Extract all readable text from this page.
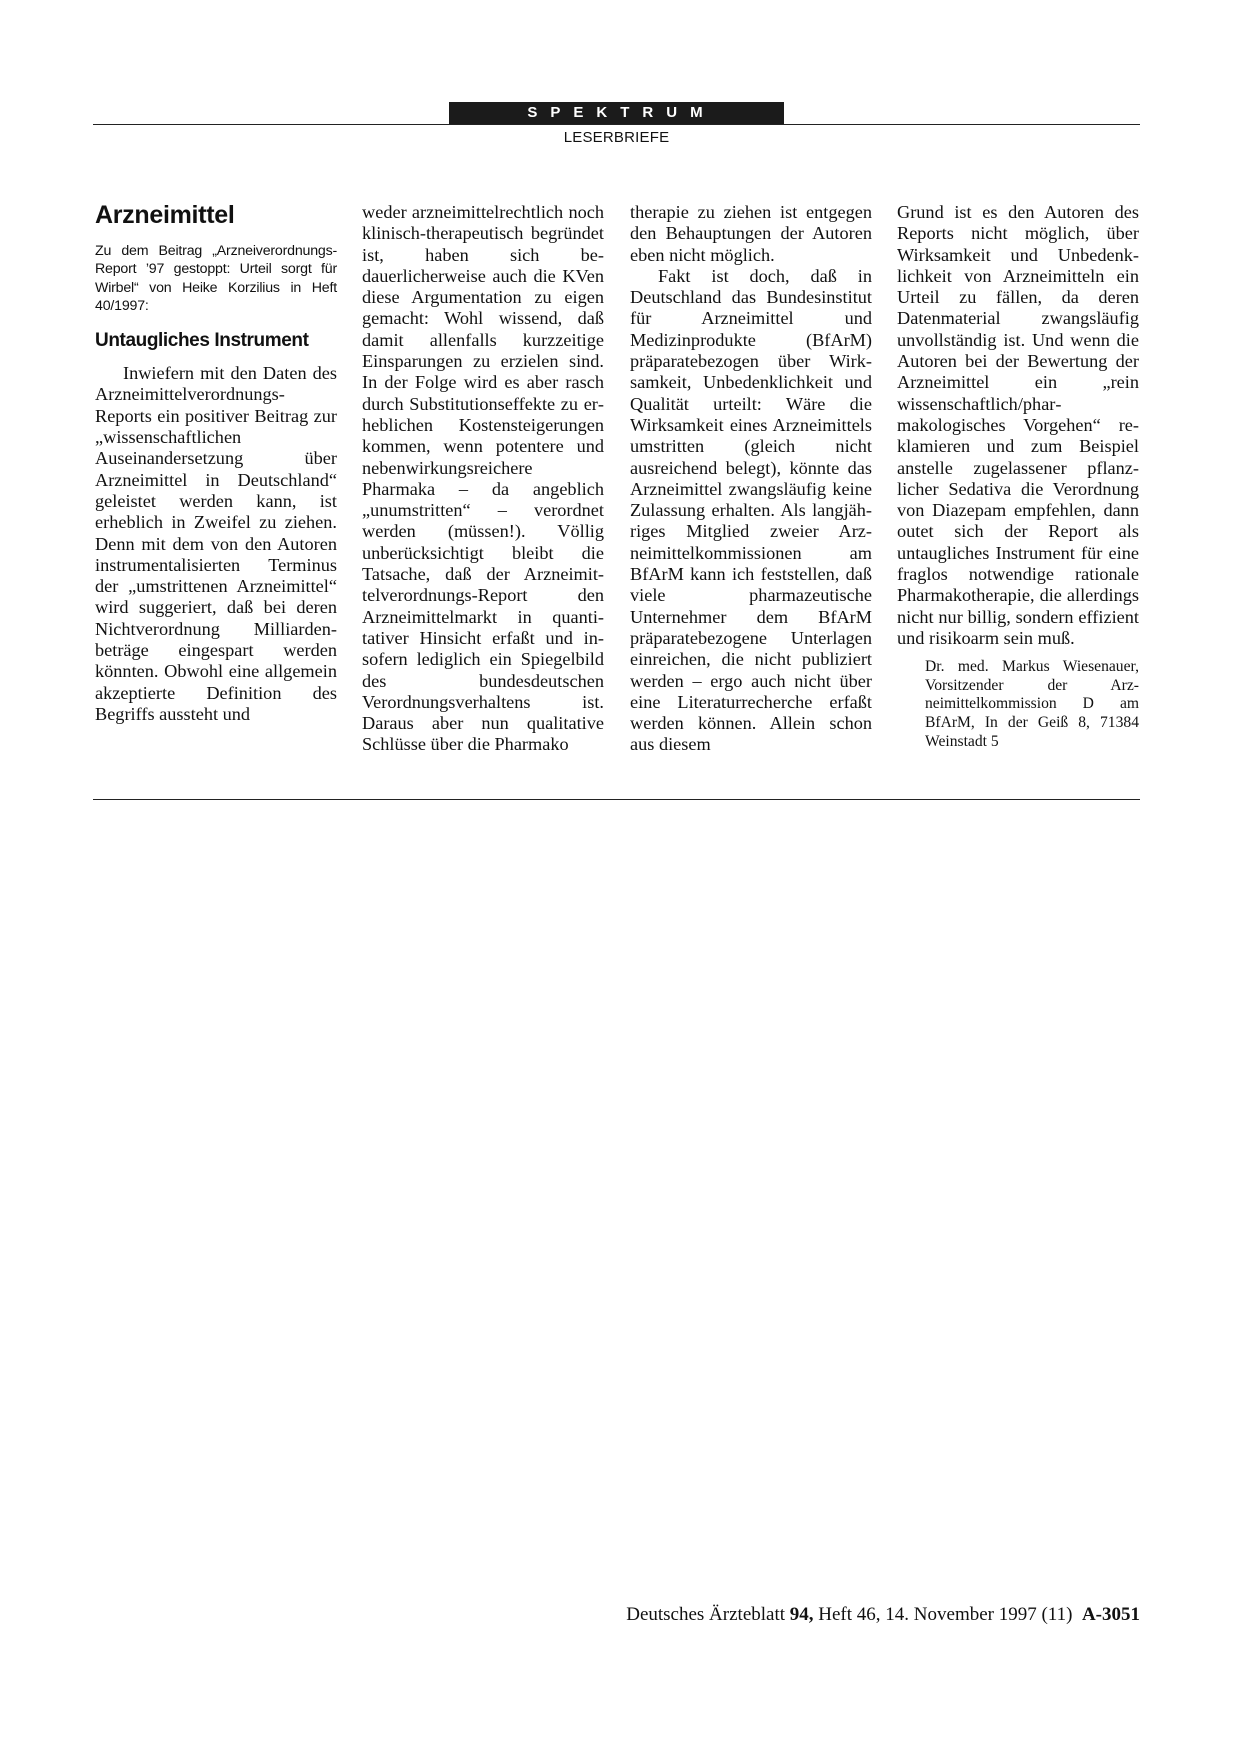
SPEKTRUM
LESERBRIEFE
Arzneimittel
Zu dem Beitrag „Arzneiverordnungs-Report ’97 gestoppt: Urteil sorgt für Wirbel“ von Heike Korzilius in Heft 40/1997:
Untaugliches Instrument

Inwiefern mit den Daten des Arzneimittelverordnungs-Reports ein positiver Beitrag zur „wissenschaftlichen Auseinandersetzung über Arzneimittel in Deutschland“ geleistet werden kann, ist erheblich in Zweifel zu ziehen. Denn mit dem von den Autoren instrumentalisierten Terminus der „umstrittenen Arzneimittel“ wird suggeriert, daß bei deren Nichtverordnung Milliardenbeträge eingespart werden könnten. Obwohl eine allgemein akzeptierte Definition des Begriffs aussteht und

weder arzneimittelrechtlich noch klinisch-therapeutisch begründet ist, haben sich bedauerlicherweise auch die KVen diese Argumentation zu eigen gemacht: Wohl wissend, daß damit allenfalls kurzzeitige Einsparungen zu erzielen sind. In der Folge wird es aber rasch durch Substitutionseffekte zu erheblichen Kostensteigerungen kommen, wenn potentere und nebenwirkungsreichere Pharmaka – da angeblich „unumstritten“ – verordnet werden (müssen!). Völlig unberücksichtigt bleibt die Tatsache, daß der Arzneimittelverordnungs-Report den Arzneimittelmarkt in quantitativer Hinsicht erfaßt und insofern lediglich ein Spiegelbild des bundesdeutschen Verordnungsverhaltens ist. Daraus aber nun qualitative Schlüsse über die Pharmako

therapie zu ziehen ist entgegen den Behauptungen der Autoren eben nicht möglich.

Fakt ist doch, daß in Deutschland das Bundesinstitut für Arzneimittel und Medizinprodukte (BfArM) präparatebezogen über Wirksamkeit, Unbedenklichkeit und Qualität urteilt: Wäre die Wirksamkeit eines Arzneimittels umstritten (gleich nicht ausreichend belegt), könnte das Arzneimittel zwangsläufig keine Zulassung erhalten. Als langjähriges Mitglied zweier Arzneimittelkommissionen am BfArM kann ich feststellen, daß viele pharmazeutische Unternehmer dem BfArM präparatebezogene Unterlagen einreichen, die nicht publiziert werden – ergo auch nicht über eine Literaturrecherche erfaßt werden können. Allein schon aus diesem

Grund ist es den Autoren des Reports nicht möglich, über Wirksamkeit und Unbedenklichkeit von Arzneimitteln ein Urteil zu fällen, da deren Datenmaterial zwangsläufig unvollständig ist. Und wenn die Autoren bei der Bewertung der Arzneimittel ein „rein wissenschaftlich/pharmakologisches Vorgehen“ reklamieren und zum Beispiel anstelle zugelassener pflanzlicher Sedativa die Verordnung von Diazepam empfehlen, dann outet sich der Report als untaugliches Instrument für eine fraglos notwendige rationale Pharmakotherapie, die allerdings nicht nur billig, sondern effizient und risikoarm sein muß.

Dr. med. Markus Wiesenauer, Vorsitzender der Arzneimittelkommission D am BfArM, In der Geiß 8, 71384 Weinstadt 5
Deutsches Ärzteblatt 94, Heft 46, 14. November 1997 (11) A-3051
